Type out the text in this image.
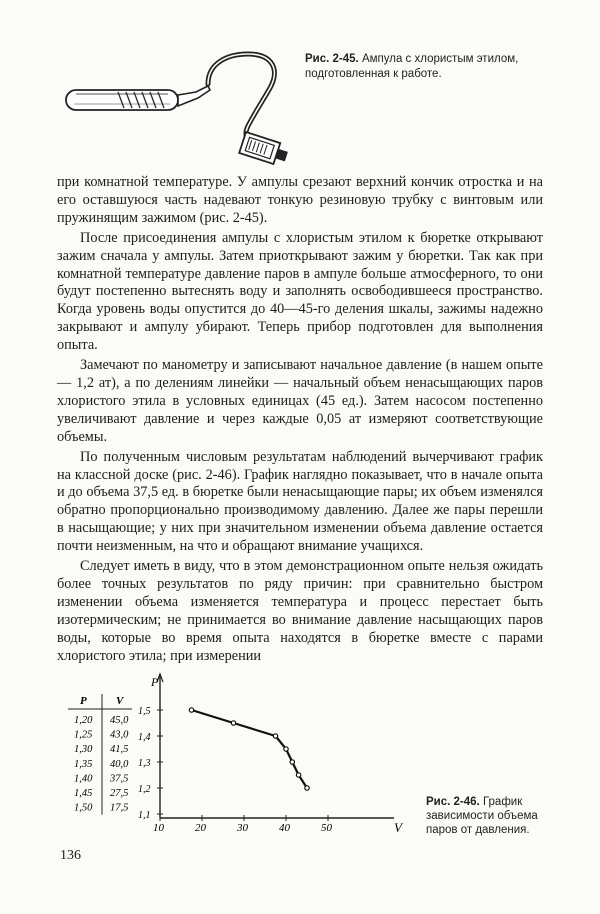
Рис. 2-45. Ампула с хлористым этилом, подготовленная к работе.

при комнатной температуре. У ампулы срезают верхний кончик отростка и на его оставшуюся часть надевают тонкую резиновую трубку с винтовым или пружинящим зажимом (рис. 2-45).

После присоединения ампулы с хлористым этилом к бюретке открывают зажим сначала у ампулы. Затем приоткрывают зажим у бюретки. Так как при комнатной температуре давление паров в ампуле больше атмосферного, то они будут постепенно вытеснять воду и заполнять освободившееся пространство. Когда уровень воды опустится до 40—45-го деления шкалы, зажимы надежно закрывают и ампулу убирают. Теперь прибор подготовлен для выполнения опыта.

Замечают по манометру и записывают начальное давление (в нашем опыте — 1,2 ат), а по делениям линейки — начальный объем ненасыщающих паров хлористого этила в условных единицах (45 ед.). Затем насосом постепенно увеличивают давление и через каждые 0,05 ат измеряют соответствующие объемы.

По полученным числовым результатам наблюдений вычерчивают график на классной доске (рис. 2-46). График наглядно показывает, что в начале опыта и до объема 37,5 ед. в бюретке были ненасыщающие пары; их объем изменялся обратно пропорционально производимому давлению. Далее же пары перешли в насыщающие; у них при значительном изменении объема давление остается почти неизменным, на что и обращают внимание учащихся.

Следует иметь в виду, что в этом демонстрационном опыте нельзя ожидать более точных результатов по ряду причин: при сравнительно быстром изменении объема изменяется температура и процесс перестает быть изотермическим; не принимается во внимание давление насыщающих паров воды, которые во время опыта находятся в бюретке вместе с парами хлористого этила; при измерении

P	V
1,20 45,0
1,25 43,0
1,30 41,5
1,35 40,0
1,40 37,5
1,45 27,5
1,50 17,5
P
V
10	20	30	40	50
1,1
1,2
1,3
1,4
1,5
Рис. 2-46. График зависимости объема паров от давления.
136
